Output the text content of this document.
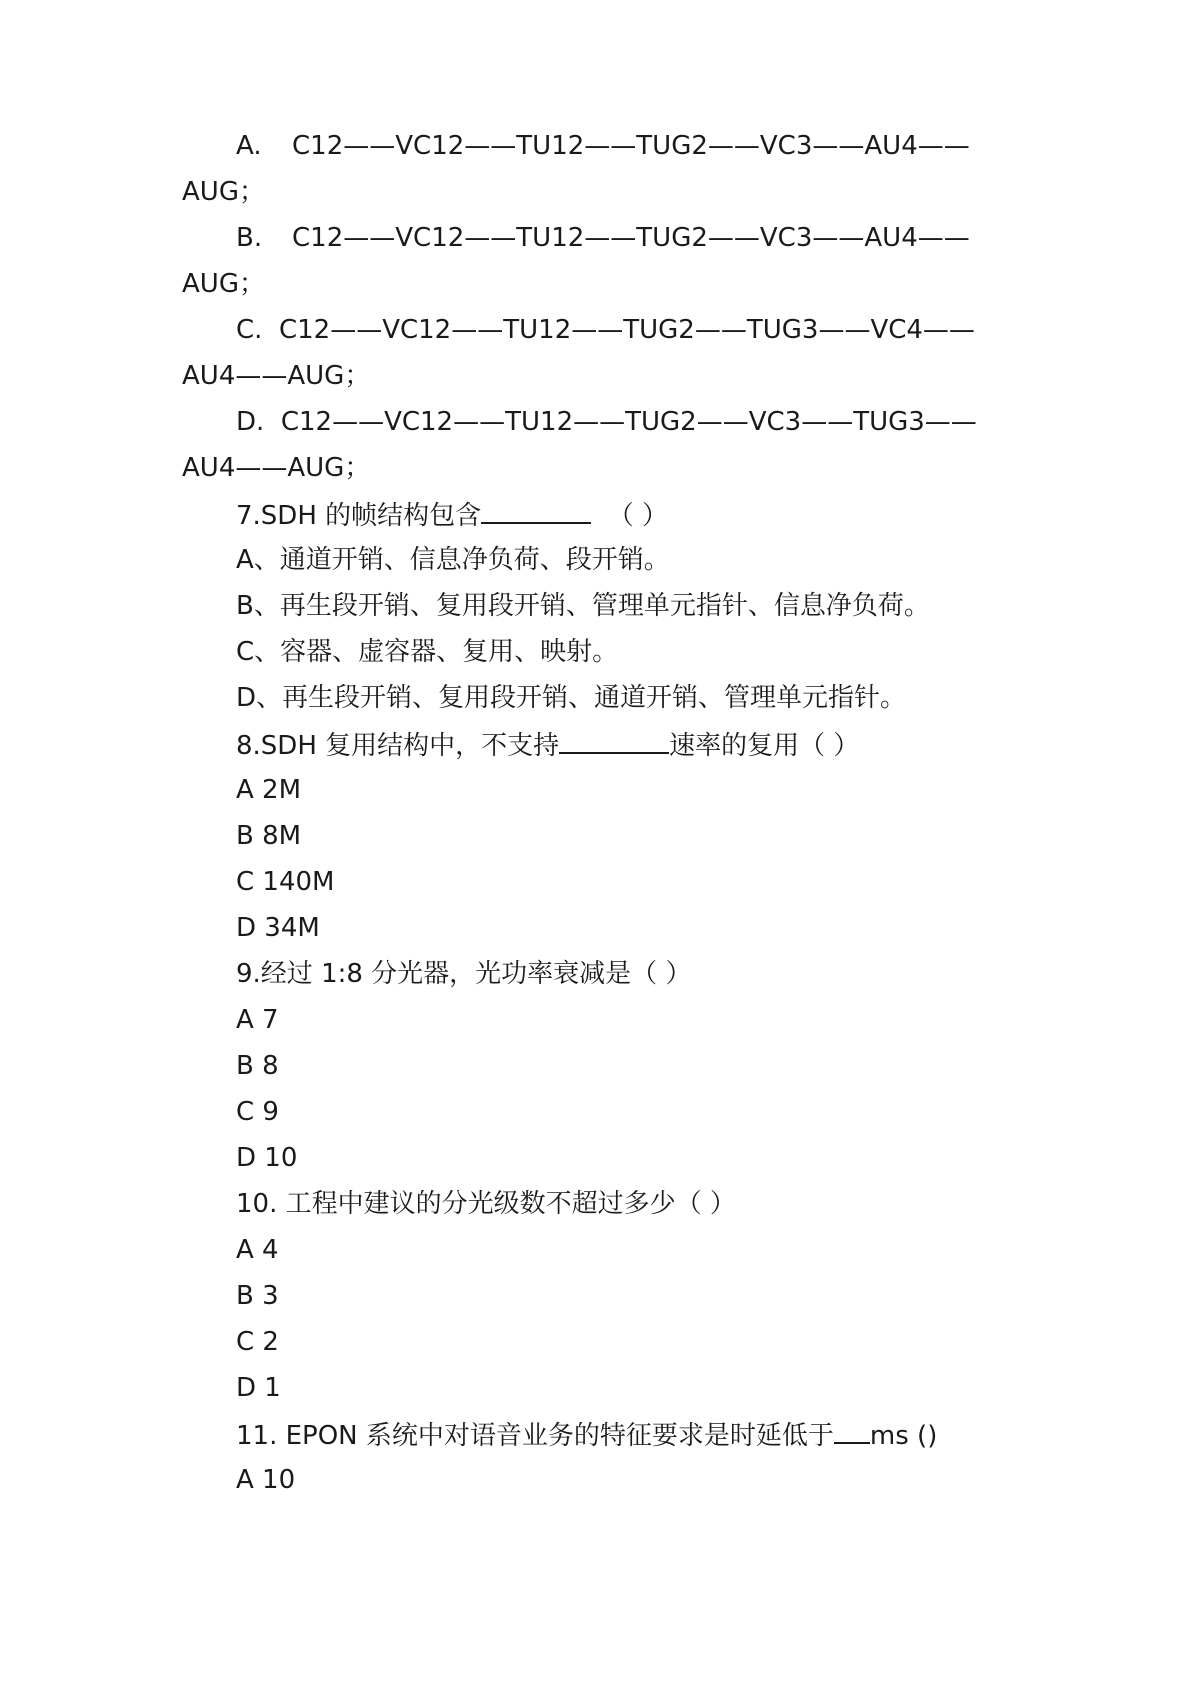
A. C12——VC12——TU12——TUG2——VC3——AU4——
AUG；
B. C12——VC12——TU12——TUG2——VC3——AU4——
AUG；
C. C12——VC12——TU12——TUG2——TUG3——VC4——
AU4——AUG；
D. C12——VC12——TU12——TUG2——VC3——TUG3——
AU4——AUG；
7.SDH 的帧结构包含	（ ）
A、通道开销、信息净负荷、段开销。
B、再生段开销、复用段开销、管理单元指针、信息净负荷。
C、容器、虚容器、复用、映射。
D、再生段开销、复用段开销、通道开销、管理单元指针。
8.SDH 复用结构中，不支持	速率的复用（ ）
A 2M
B 8M
C 140M
D 34M
9.经过 1:8 分光器，光功率衰减是（ ）
A 7
B 8
C 9
D 10
10. 工程中建议的分光级数不超过多少（ ）
A 4
B 3
C 2
D 1
11. EPON 系统中对语音业务的特征要求是时延低于 ms ()
A 10
